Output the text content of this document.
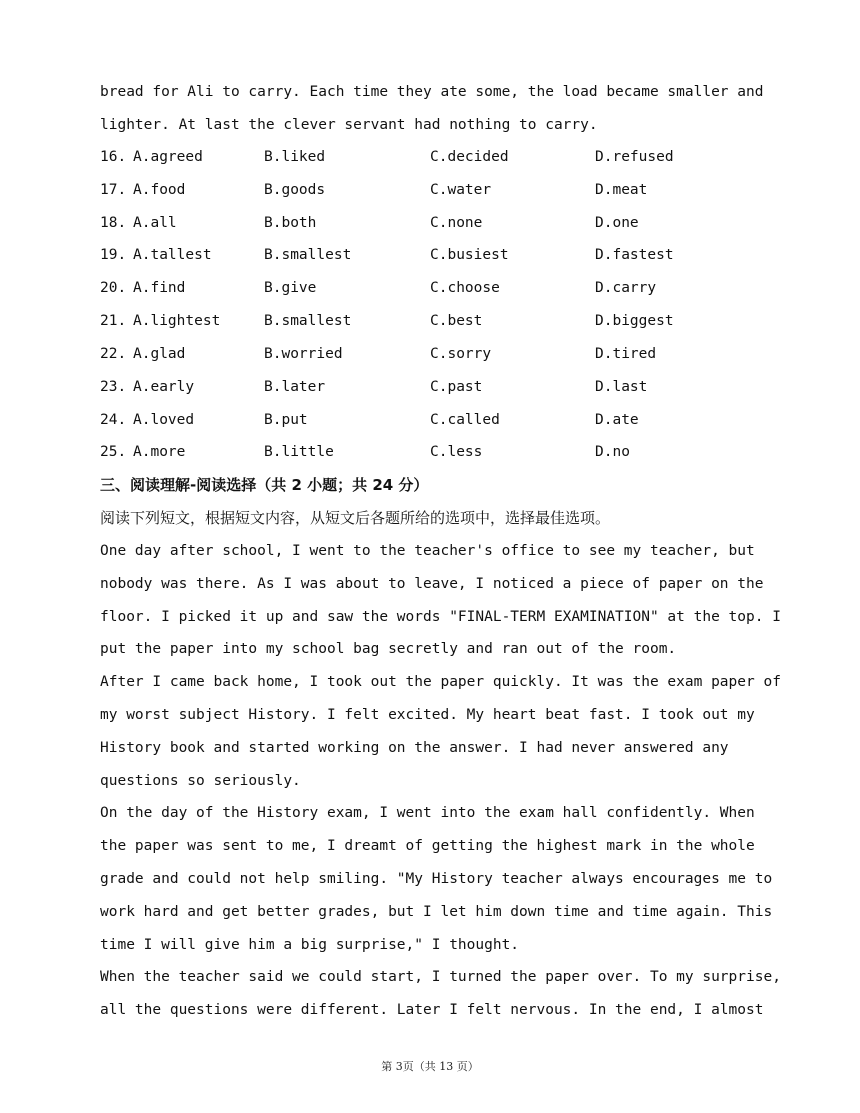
bread for Ali to carry. Each time they ate some, the load became smaller and
lighter. At last the clever servant had nothing to carry.
16. A.agreed	B.liked	C.decided	D.refused
17. A.food	B.goods	C.water	D.meat
18. A.all	B.both	C.none	D.one
19. A.tallest	B.smallest	C.busiest	D.fastest
20. A.find	B.give	C.choose	D.carry
21. A.lightest	B.smallest	C.best	D.biggest
22. A.glad	B.worried	C.sorry	D.tired
23. A.early	B.later	C.past	D.last
24. A.loved	B.put	C.called	D.ate
25. A.more	B.little	C.less	D.no
三、阅读理解-阅读选择（共 2 小题；共 24 分）
阅读下列短文，根据短文内容，从短文后各题所给的选项中，选择最佳选项。
One day after school, I went to the teacher's office to see my teacher, but
nobody was there. As I was about to leave, I noticed a piece of paper on the
floor. I picked it up and saw the words "FINAL-TERM EXAMINATION" at the top. I
put the paper into my school bag secretly and ran out of the room.
After I came back home, I took out the paper quickly. It was the exam paper of
my worst subject History. I felt excited. My heart beat fast. I took out my
History book and started working on the answer. I had never answered any
questions so seriously.
On the day of the History exam, I went into the exam hall confidently. When
the paper was sent to me, I dreamt of getting the highest mark in the whole
grade and could not help smiling. "My History teacher always encourages me to
work hard and get better grades, but I let him down time and time again. This
time I will give him a big surprise," I thought.
When the teacher said we could start, I turned the paper over. To my surprise,
all the questions were different. Later I felt nervous. In the end, I almost
第 3页（共 13 页）
